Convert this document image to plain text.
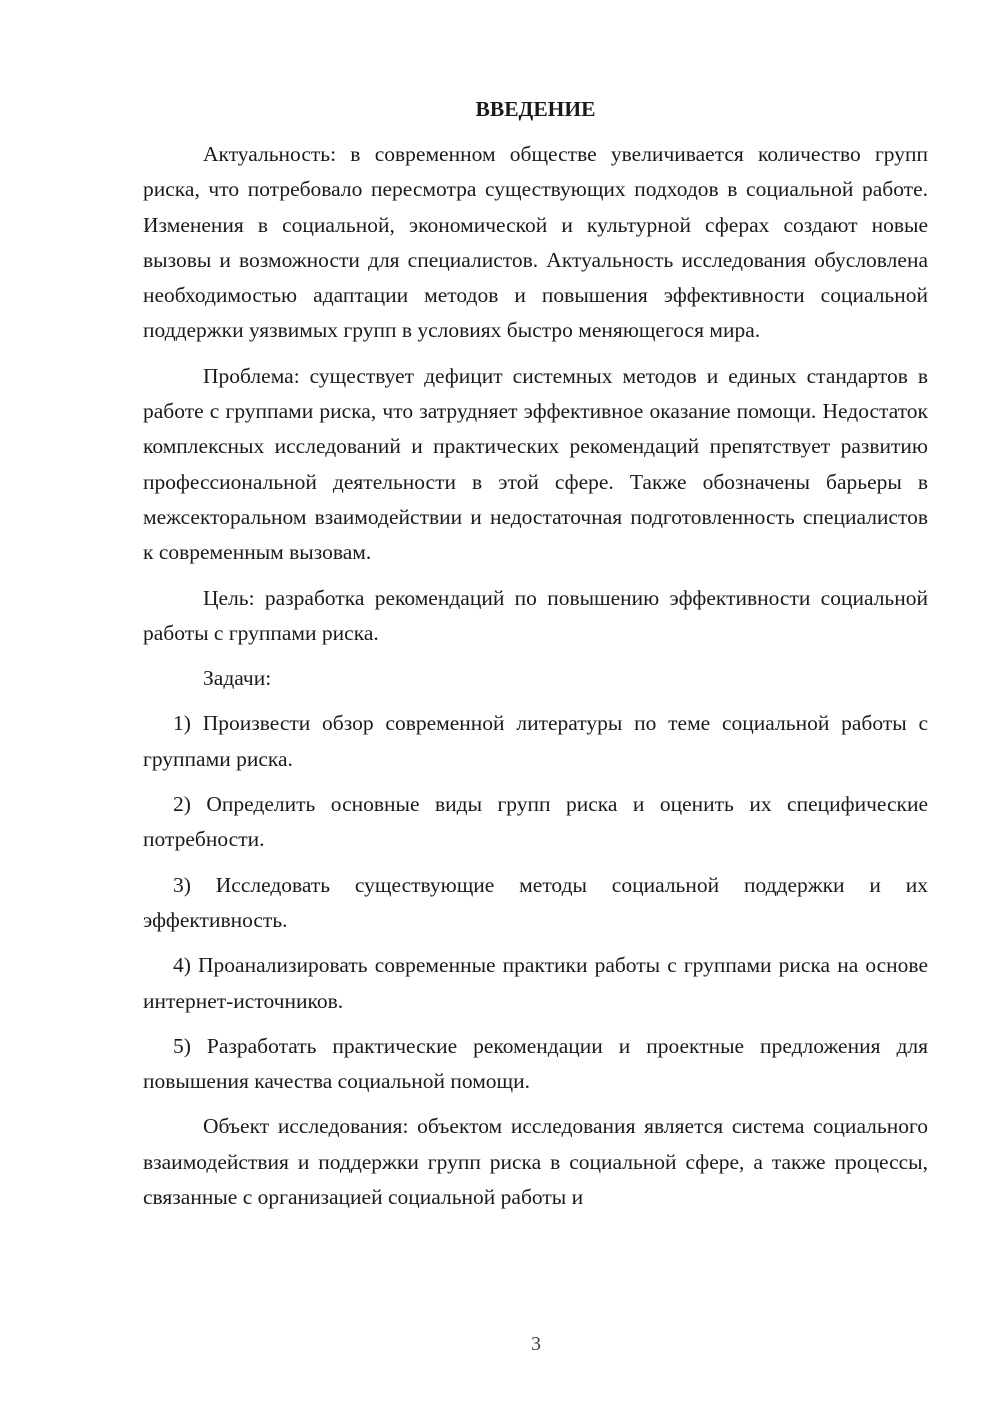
ВВЕДЕНИЕ

Актуальность: в современном обществе увеличивается количество групп риска, что потребовало пересмотра существующих подходов в социальной работе. Изменения в социальной, экономической и культурной сферах создают новые вызовы и возможности для специалистов. Актуальность исследования обусловлена необходимостью адаптации методов и повышения эффективности социальной поддержки уязвимых групп в условиях быстро меняющегося мира.

Проблема: существует дефицит системных методов и единых стандартов в работе с группами риска, что затрудняет эффективное оказание помощи. Недостаток комплексных исследований и практических рекомендаций препятствует развитию профессиональной деятельности в этой сфере. Также обозначены барьеры в межсекторальном взаимодействии и недостаточная подготовленность специалистов к современным вызовам.

Цель: разработка рекомендаций по повышению эффективности социальной работы с группами риска.

Задачи:

1) Произвести обзор современной литературы по теме социальной работы с группами риска.

2) Определить основные виды групп риска и оценить их специфические потребности.

3) Исследовать существующие методы социальной поддержки и их эффективность.

4) Проанализировать современные практики работы с группами риска на основе интернет-источников.

5) Разработать практические рекомендации и проектные предложения для повышения качества социальной помощи.

Объект исследования: объектом исследования является система социального взаимодействия и поддержки групп риска в социальной сфере, а также процессы, связанные с организацией социальной работы и

3
